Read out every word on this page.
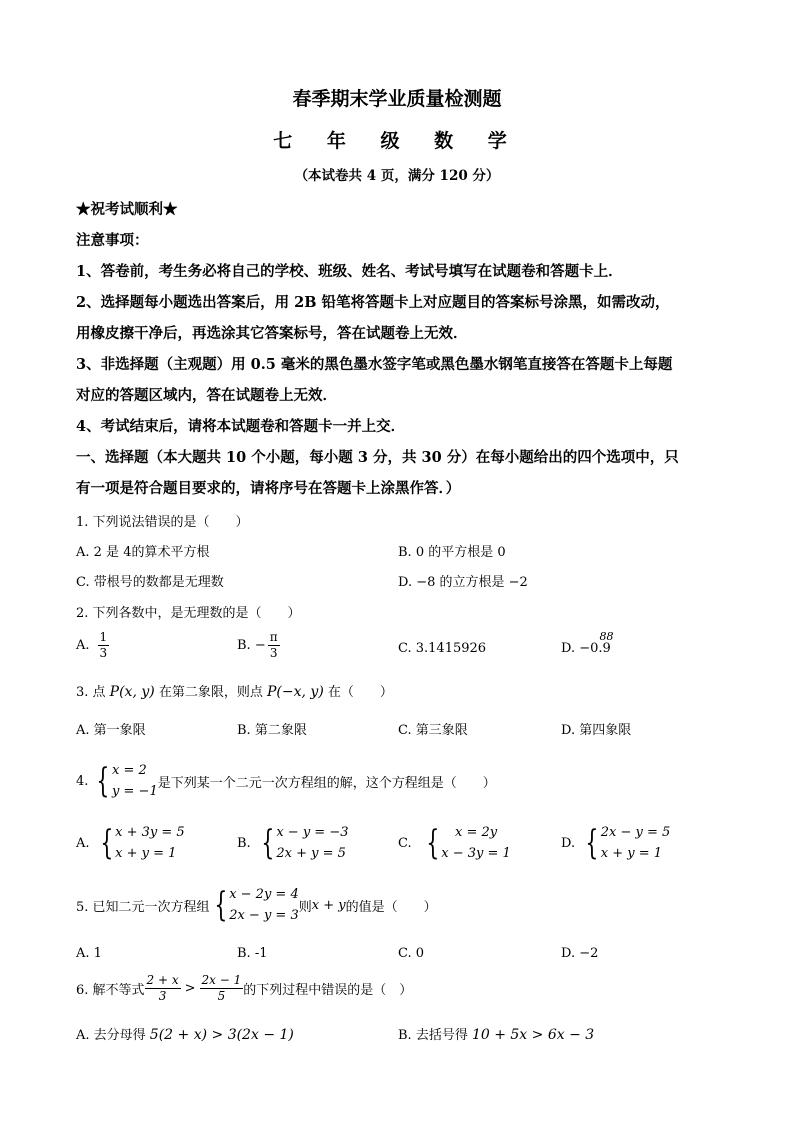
春季期末学业质量检测题
七 年 级 数 学
（本试卷共 4 页，满分 120 分）
★祝考试顺利★
注意事项：
1、答卷前，考生务必将自己的学校、班级、姓名、考试号填写在试题卷和答题卡上．
2、选择题每小题选出答案后，用 2B 铅笔将答题卡上对应题目的答案标号涂黑，如需改动，
用橡皮擦干净后，再选涂其它答案标号，答在试题卷上无效．
3、非选择题（主观题）用 0.5 毫米的黑色墨水签字笔或黑色墨水钢笔直接答在答题卡上每题
对应的答题区域内，答在试题卷上无效．
4、考试结束后，请将本试题卷和答题卡一并上交．
一、选择题（本大题共 10 个小题，每小题 3 分，共 30 分）在每小题给出的四个选项中，只
有一项是符合题目要求的，请将序号在答题卡上涂黑作答．）
1. 下列说法错误的是（　　）
A. 2 是 4的算术平方根	B. 0 的平方根是 0
C. 带根号的数都是无理数	D. −8 的立方根是 −2
2. 下列各数中，是无理数的是（　　）
A. $\frac{1}{3}$	B. − $\frac{\pi}{3}$	C. 3.1415926	D. −0.
88
9
3. 点 P(x, y) 在第二象限，则点 P(−x, y) 在（　　）
A. 第一象限	B. 第二象限	C. 第三象限	D. 第四象限
4. { x = 2
y = −1
是下列某一个二元一次方程组的解，这个方程组是（　　）
A. { x + 3y = 5
x + y = 1
B. { x − y = −3
2x + y = 5
C. { x = 2y
x − 3y = 1
D. { 2x − y = 5
x + y = 1
5. 已知二元一次方程组 { x − 2y = 4
2x − y = 3
则 x + y 的值是（　　）
A. 1	B. -1	C. 0	D. −2
6. 解不等式 $\frac{2 + x}{3} > \frac{2x - 1}{5}$ 的下列过程中错误的是（　）
A. 去分母得 5(2 + x) > 3(2x − 1)	B. 去括号得 10 + 5x > 6x − 3
